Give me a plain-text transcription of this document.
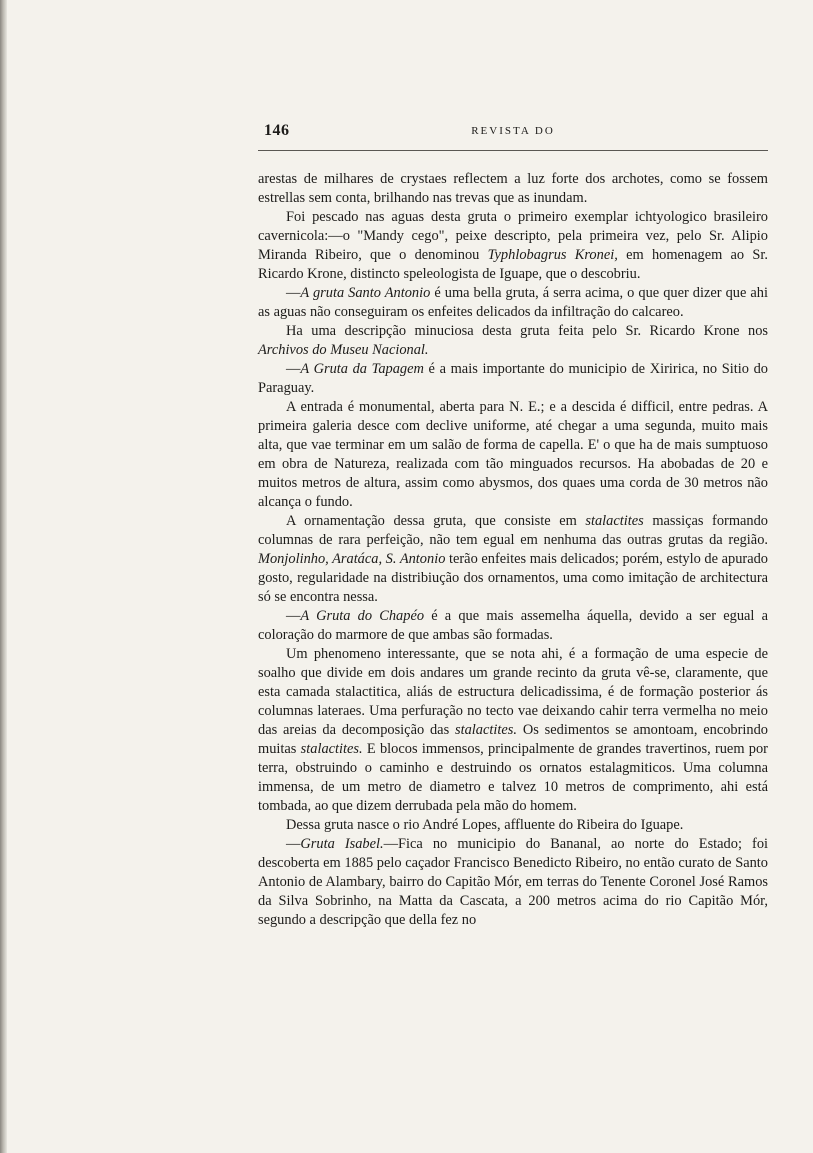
146	REVISTA DO

arestas de milhares de crystaes reflectem a luz forte dos archotes, como se fossem estrellas sem conta, brilhando nas trevas que as inundam.

Foi pescado nas aguas desta gruta o primeiro exemplar ichtyologico brasileiro cavernicola:—o "Mandy cego", peixe descripto, pela primeira vez, pelo Sr. Alipio Miranda Ribeiro, que o denominou Typhlobagrus Kronei, em homenagem ao Sr. Ricardo Krone, distincto speleologista de Iguape, que o descobriu.

—A gruta Santo Antonio é uma bella gruta, á serra acima, o que quer dizer que ahi as aguas não conseguiram os enfeites delicados da infiltração do calcareo.

Ha uma descripção minuciosa desta gruta feita pelo Sr. Ricardo Krone nos Archivos do Museu Nacional.

—A Gruta da Tapagem é a mais importante do municipio de Xiririca, no Sitio do Paraguay.

A entrada é monumental, aberta para N. E.; e a descida é difficil, entre pedras. A primeira galeria desce com declive uniforme, até chegar a uma segunda, muito mais alta, que vae terminar em um salão de forma de capella. E' o que ha de mais sumptuoso em obra de Natureza, realizada com tão minguados recursos. Ha abobadas de 20 e muitos metros de altura, assim como abysmos, dos quaes uma corda de 30 metros não alcança o fundo.

A ornamentação dessa gruta, que consiste em stalactites massiças formando columnas de rara perfeição, não tem egual em nenhuma das outras grutas da região. Monjolinho, Aratáca, S. Antonio terão enfeites mais delicados; porém, estylo de apurado gosto, regularidade na distribiução dos ornamentos, uma como imitação de architectura só se encontra nessa.

—A Gruta do Chapéo é a que mais assemelha áquella, devido a ser egual a coloração do marmore de que ambas são formadas.

Um phenomeno interessante, que se nota ahi, é a formação de uma especie de soalho que divide em dois andares um grande recinto da gruta vê-se, claramente, que esta camada stalactitica, aliás de estructura delicadissima, é de formação posterior ás columnas lateraes. Uma perfuração no tecto vae deixando cahir terra vermelha no meio das areias da decomposição das stalactites. Os sedimentos se amontoam, encobrindo muitas stalactites. E blocos immensos, principalmente de grandes travertinos, ruem por terra, obstruindo o caminho e destruindo os ornatos estalagmiticos. Uma columna immensa, de um metro de diametro e talvez 10 metros de comprimento, ahi está tombada, ao que dizem derrubada pela mão do homem.

Dessa gruta nasce o rio André Lopes, affluente do Ribeira do Iguape.

—Gruta Isabel.—Fica no municipio do Bananal, ao norte do Estado; foi descoberta em 1885 pelo caçador Francisco Benedicto Ribeiro, no então curato de Santo Antonio de Alambary, bairro do Capitão Mór, em terras do Tenente Coronel José Ramos da Silva Sobrinho, na Matta da Cascata, a 200 metros acima do rio Capitão Mór, segundo a descripção que della fez no
